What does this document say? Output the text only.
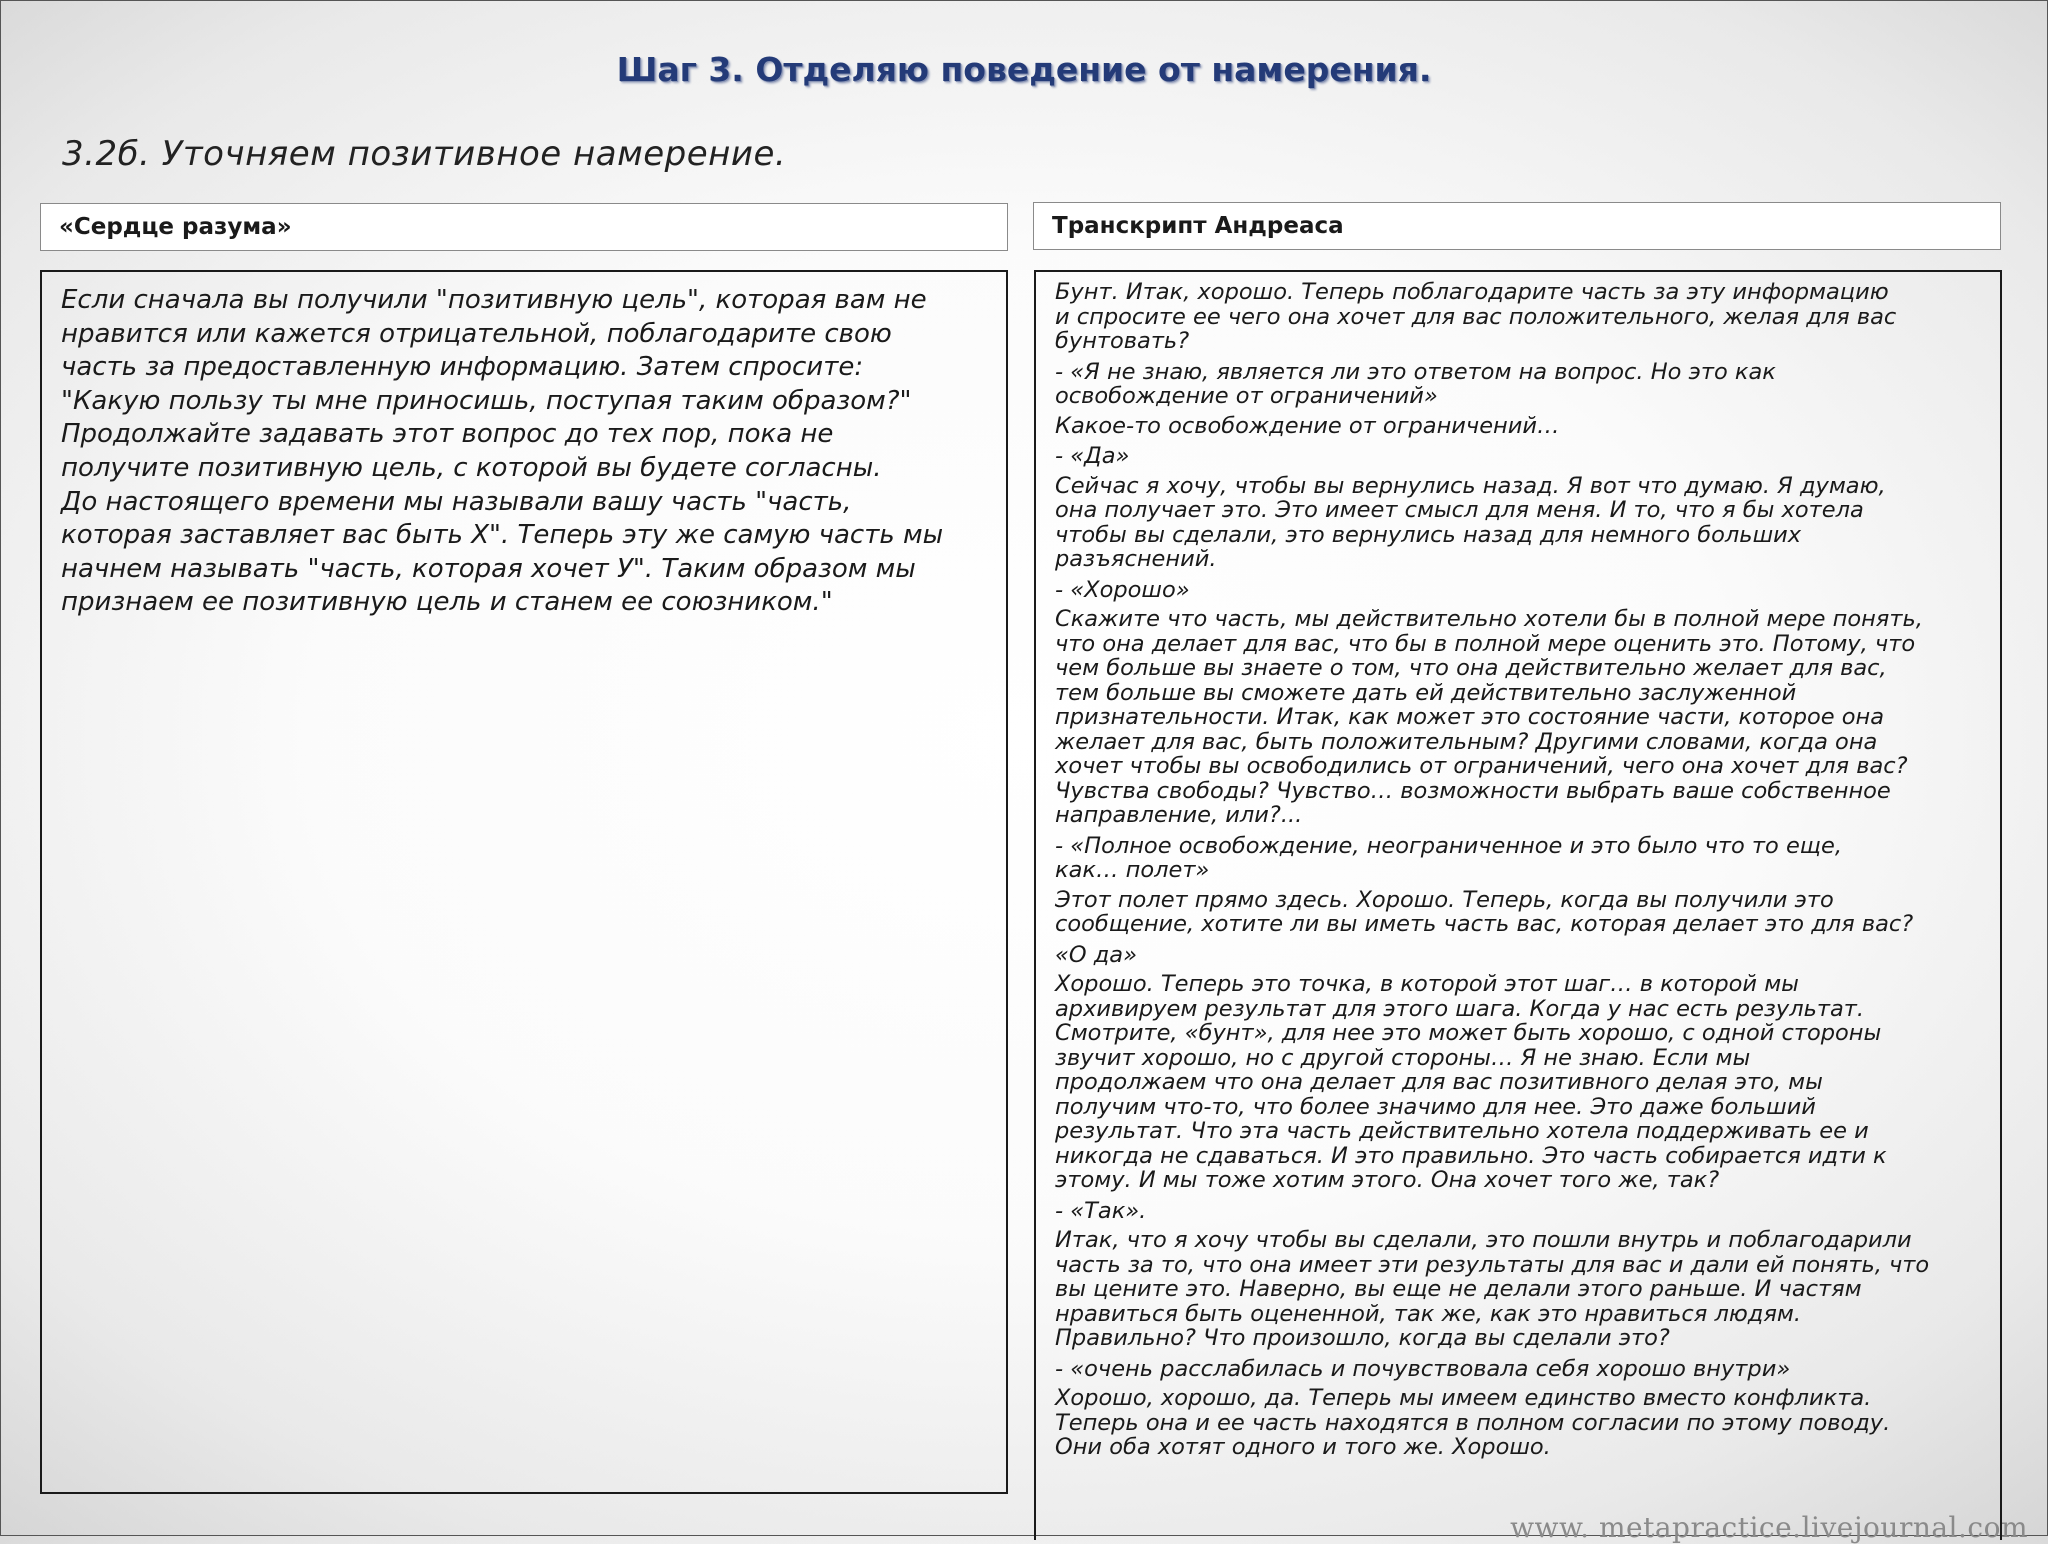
Шаг 3. Отделяю поведение от намерения.
3.2б. Уточняем позитивное намерение.
«Сердце разума»	Транскрипт Андреаса
Если сначала вы получили "позитивную цель", которая вам не
нравится или кажется отрицательной, поблагодарите свою
часть за предоставленную информацию. Затем спросите:
"Какую пользу ты мне приносишь, поступая таким образом?"
Продолжайте задавать этот вопрос до тех пор, пока не
получите позитивную цель, с которой вы будете согласны.
До настоящего времени мы называли вашу часть "часть,
которая заставляет вас быть X". Теперь эту же самую часть мы
начнем называть "часть, которая хочет У". Таким образом мы
признаем ее позитивную цель и станем ее союзником."

Бунт. Итак, хорошо. Теперь поблагодарите часть за эту информацию
и спросите ее чего она хочет для вас положительного, желая для вас
бунтовать?

- «Я не знаю, является ли это ответом на вопрос. Но это как
освобождение от ограничений»

Какое-то освобождение от ограничений…

- «Да»

Сейчас я хочу, чтобы вы вернулись назад. Я вот что думаю. Я думаю,
она получает это. Это имеет смысл для меня. И то, что я бы хотела
чтобы вы сделали, это вернулись назад для немного больших
разъяснений.

- «Хорошо»

Скажите что часть, мы действительно хотели бы в полной мере понять,
что она делает для вас, что бы в полной мере оценить это. Потому, что
чем больше вы знаете о том, что она действительно желает для вас,
тем больше вы сможете дать ей действительно заслуженной
признательности. Итак, как может это состояние части, которое она
желает для вас, быть положительным? Другими словами, когда она
хочет чтобы вы освободились от ограничений, чего она хочет для вас?
Чувства свободы? Чувство… возможности выбрать ваше собственное
направление, или?...

- «Полное освобождение, неограниченное и это было что то еще,
как… полет»

Этот полет прямо здесь. Хорошо. Теперь, когда вы получили это
сообщение, хотите ли вы иметь часть вас, которая делает это для вас?

«О да»

Хорошо. Теперь это точка, в которой этот шаг… в которой мы
архивируем результат для этого шага. Когда у нас есть результат.
Смотрите, «бунт», для нее это может быть хорошо, с одной стороны
звучит хорошо, но с другой стороны… Я не знаю. Если мы
продолжаем что она делает для вас позитивного делая это, мы
получим что-то, что более значимо для нее. Это даже больший
результат. Что эта часть действительно хотела поддерживать ее и
никогда не сдаваться. И это правильно. Это часть собирается идти к
этому. И мы тоже хотим этого. Она хочет того же, так?

- «Так».

Итак, что я хочу чтобы вы сделали, это пошли внутрь и поблагодарили
часть за то, что она имеет эти результаты для вас и дали ей понять, что
вы цените это. Наверно, вы еще не делали этого раньше. И частям
нравиться быть оцененной, так же, как это нравиться людям.
Правильно? Что произошло, когда вы сделали это?

- «очень расслабилась и почувствовала себя хорошо внутри»

Хорошо, хорошо, да. Теперь мы имеем единство вместо конфликта.
Теперь она и ее часть находятся в полном согласии по этому поводу.
Они оба хотят одного и того же. Хорошо.

www. metapractice.livejournal.com
